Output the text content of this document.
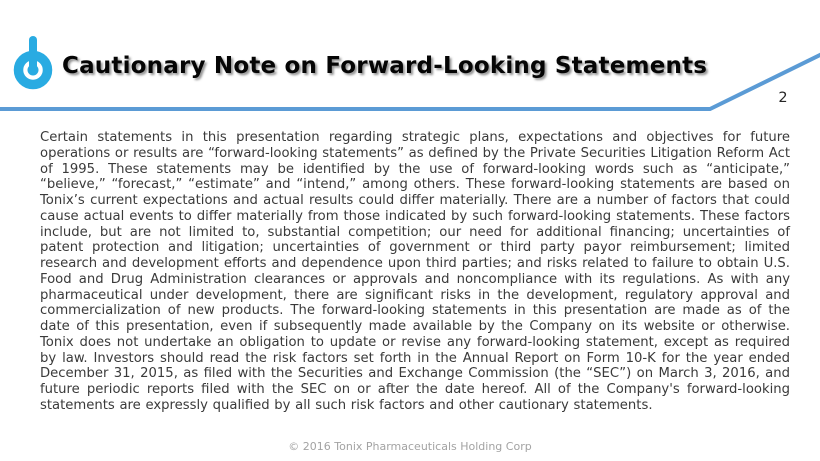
Cautionary Note on Forward-Looking Statements
2

Certain statements in this presentation regarding strategic plans, expectations and objectives for future operations or results are “forward-looking statements” as defined by the Private Securities Litigation Reform Act of 1995. These statements may be identified by the use of forward-looking words such as “anticipate,” “believe,” “forecast,” “estimate” and “intend,” among others. These forward-looking statements are based on Tonix’s current expectations and actual results could differ materially. There are a number of factors that could cause actual events to differ materially from those indicated by such forward-looking statements. These factors include, but are not limited to, substantial competition; our need for additional financing; uncertainties of patent protection and litigation; uncertainties of government or third party payor reimbursement; limited research and development efforts and dependence upon third parties; and risks related to failure to obtain U.S. Food and Drug Administration clearances or approvals and noncompliance with its regulations. As with any pharmaceutical under development, there are significant risks in the development, regulatory approval and commercialization of new products. The forward-looking statements in this presentation are made as of the date of this presentation, even if subsequently made available by the Company on its website or otherwise. Tonix does not undertake an obligation to update or revise any forward-looking statement, except as required by law. Investors should read the risk factors set forth in the Annual Report on Form 10-K for the year ended December 31, 2015, as filed with the Securities and Exchange Commission (the “SEC”) on March 3, 2016, and future periodic reports filed with the SEC on or after the date hereof. All of the Company's forward-looking statements are expressly qualified by all such risk factors and other cautionary statements.

© 2016 Tonix Pharmaceuticals Holding Corp
